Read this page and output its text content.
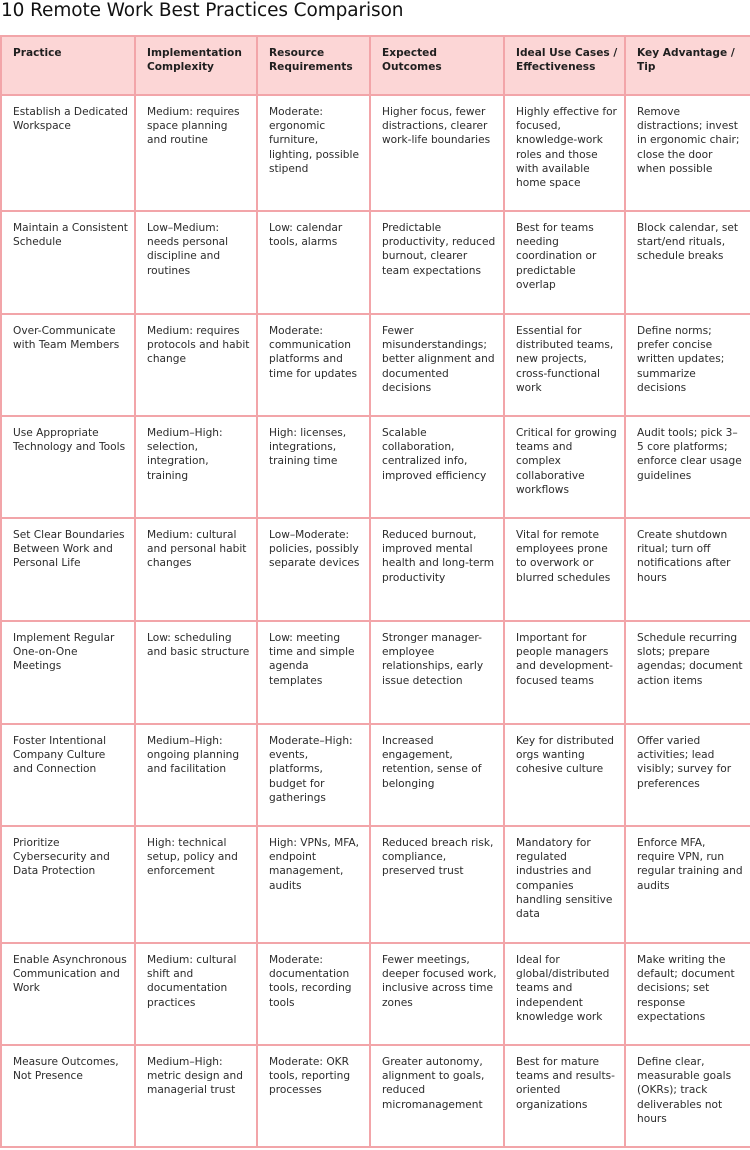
10 Remote Work Best Practices Comparison
Practice	Implementation Complexity	Resource Requirements	Expected Outcomes	Ideal Use Cases / Effectiveness	Key Advantage / Tip
Establish a Dedicated Workspace	Medium: requires space planning and routine	Moderate: ergonomic furniture, lighting, possible stipend	Higher focus, fewer distractions, clearer work-life boundaries	Highly effective for focused, knowledge-work roles and those with available home space	Remove distractions; invest in ergonomic chair; close the door when possible
Maintain a Consistent Schedule	Low–Medium: needs personal discipline and routines	Low: calendar tools, alarms	Predictable productivity, reduced burnout, clearer team expectations	Best for teams needing coordination or predictable overlap	Block calendar, set start/end rituals, schedule breaks
Over-Communicate with Team Members	Medium: requires protocols and habit change	Moderate: communication platforms and time for updates	Fewer misunderstandings; better alignment and documented decisions	Essential for distributed teams, new projects, cross-functional work	Define norms; prefer concise written updates; summarize decisions
Use Appropriate Technology and Tools	Medium–High: selection, integration, training	High: licenses, integrations, training time	Scalable collaboration, centralized info, improved efficiency	Critical for growing teams and complex collaborative workflows	Audit tools; pick 3–5 core platforms; enforce clear usage guidelines
Set Clear Boundaries Between Work and Personal Life	Medium: cultural and personal habit changes	Low–Moderate: policies, possibly separate devices	Reduced burnout, improved mental health and long-term productivity	Vital for remote employees prone to overwork or blurred schedules	Create shutdown ritual; turn off notifications after hours
Implement Regular One-on-One Meetings	Low: scheduling and basic structure	Low: meeting time and simple agenda templates	Stronger manager-employee relationships, early issue detection	Important for people managers and development-focused teams	Schedule recurring slots; prepare agendas; document action items
Foster Intentional Company Culture and Connection	Medium–High: ongoing planning and facilitation	Moderate–High: events, platforms, budget for gatherings	Increased engagement, retention, sense of belonging	Key for distributed orgs wanting cohesive culture	Offer varied activities; lead visibly; survey for preferences
Prioritize Cybersecurity and Data Protection	High: technical setup, policy and enforcement	High: VPNs, MFA, endpoint management, audits	Reduced breach risk, compliance, preserved trust	Mandatory for regulated industries and companies handling sensitive data	Enforce MFA, require VPN, run regular training and audits
Enable Asynchronous Communication and Work	Medium: cultural shift and documentation practices	Moderate: documentation tools, recording tools	Fewer meetings, deeper focused work, inclusive across time zones	Ideal for global/distributed teams and independent knowledge work	Make writing the default; document decisions; set response expectations
Measure Outcomes, Not Presence	Medium–High: metric design and managerial trust	Moderate: OKR tools, reporting processes	Greater autonomy, alignment to goals, reduced micromanagement	Best for mature teams and results-oriented organizations	Define clear, measurable goals (OKRs); track deliverables not hours
